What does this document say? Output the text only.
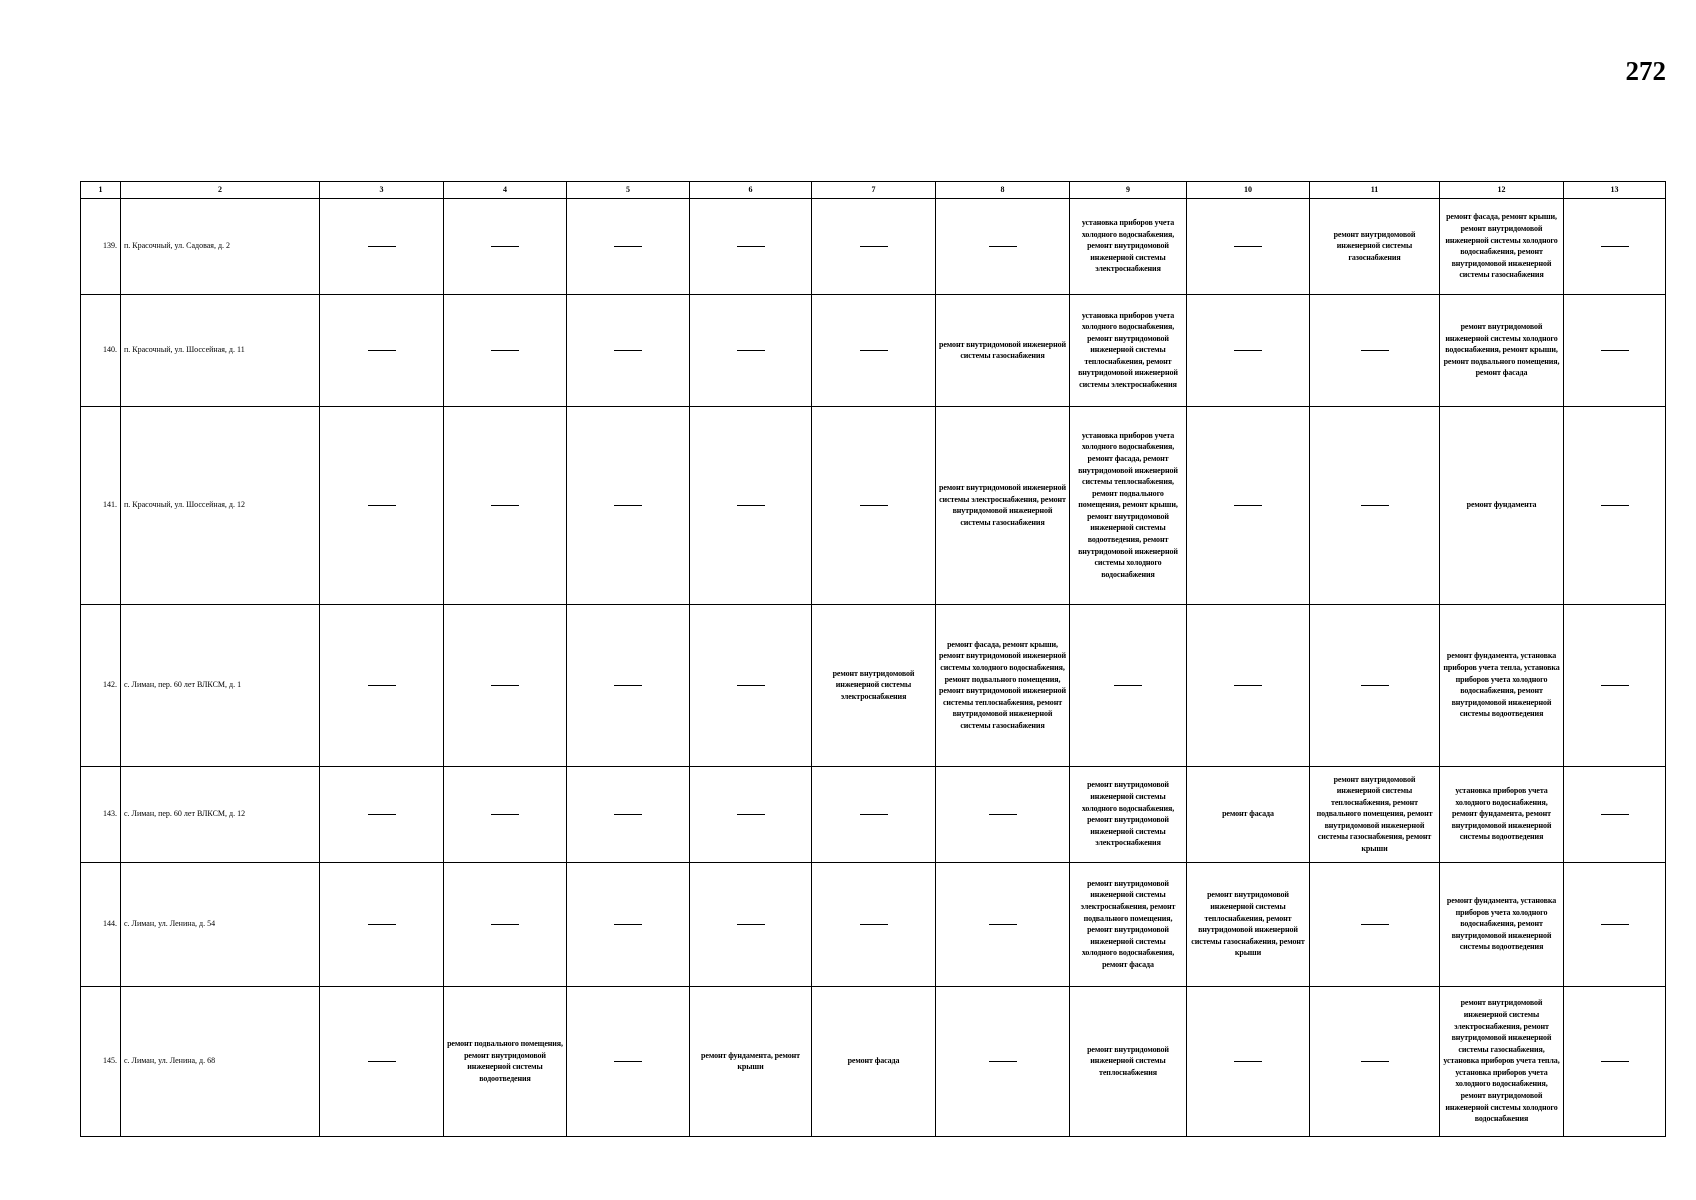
272
1	2	3	4	5	6	7	8	9	10	11	12	13
139.	п. Красочный, ул. Садовая, д. 2							установка приборов учета холодного водоснабжения, ремонт внутридомовой инженерной системы электроснабжения		ремонт внутридомовой инженерной системы газоснабжения	ремонт фасада, ремонт крыши, ремонт внутридомовой инженерной системы холодного водоснабжения, ремонт внутридомовой инженерной системы газоснабжения	
140.	п. Красочный, ул. Шоссейная, д. 11						ремонт внутридомовой инженерной системы газоснабжения	установка приборов учета холодного водоснабжения, ремонт внутридомовой инженерной системы теплоснабжения, ремонт внутридомовой инженерной системы электроснабжения			ремонт внутридомовой инженерной системы холодного водоснабжения, ремонт крыши, ремонт подвального помещения, ремонт фасада	
141.	п. Красочный, ул. Шоссейная, д. 12						ремонт внутридомовой инженерной системы электроснабжения, ремонт внутридомовой инженерной системы газоснабжения	установка приборов учета холодного водоснабжения, ремонт фасада, ремонт внутридомовой инженерной системы теплоснабжения, ремонт подвального помещения, ремонт крыши, ремонт внутридомовой инженерной системы водоотведения, ремонт внутридомовой инженерной системы холодного водоснабжения			ремонт фундамента	
142.	с. Лиман, пер. 60 лет ВЛКСМ, д. 1					ремонт внутридомовой инженерной системы электроснабжения	ремонт фасада, ремонт крыши, ремонт внутридомовой инженерной системы холодного водоснабжения, ремонт подвального помещения, ремонт внутридомовой инженерной системы теплоснабжения, ремонт внутридомовой инженерной системы газоснабжения				ремонт фундамента, установка приборов учета тепла, установка приборов учета холодного водоснабжения, ремонт внутридомовой инженерной системы водоотведения	
143.	с. Лиман, пер. 60 лет ВЛКСМ, д. 12							ремонт внутридомовой инженерной системы холодного водоснабжения, ремонт внутридомовой инженерной системы электроснабжения	ремонт фасада	ремонт внутридомовой инженерной системы теплоснабжения, ремонт подвального помещения, ремонт внутридомовой инженерной системы газоснабжения, ремонт крыши	установка приборов учета холодного водоснабжения, ремонт фундамента, ремонт внутридомовой инженерной системы водоотведения	
144.	с. Лиман, ул. Ленина, д. 54							ремонт внутридомовой инженерной системы электроснабжения, ремонт подвального помещения, ремонт внутридомовой инженерной системы холодного водоснабжения, ремонт фасада	ремонт внутридомовой инженерной системы теплоснабжения, ремонт внутридомовой инженерной системы газоснабжения, ремонт крыши		ремонт фундамента, установка приборов учета холодного водоснабжения, ремонт внутридомовой инженерной системы водоотведения	
145.	с. Лиман, ул. Ленина, д. 68		ремонт подвального помещения, ремонт внутридомовой инженерной системы водоотведения		ремонт фундамента, ремонт крыши	ремонт фасада		ремонт внутридомовой инженерной системы теплоснабжения			ремонт внутридомовой инженерной системы электроснабжения, ремонт внутридомовой инженерной системы газоснабжения, установка приборов учета тепла, установка приборов учета холодного водоснабжения, ремонт внутридомовой инженерной системы холодного водоснабжения	
